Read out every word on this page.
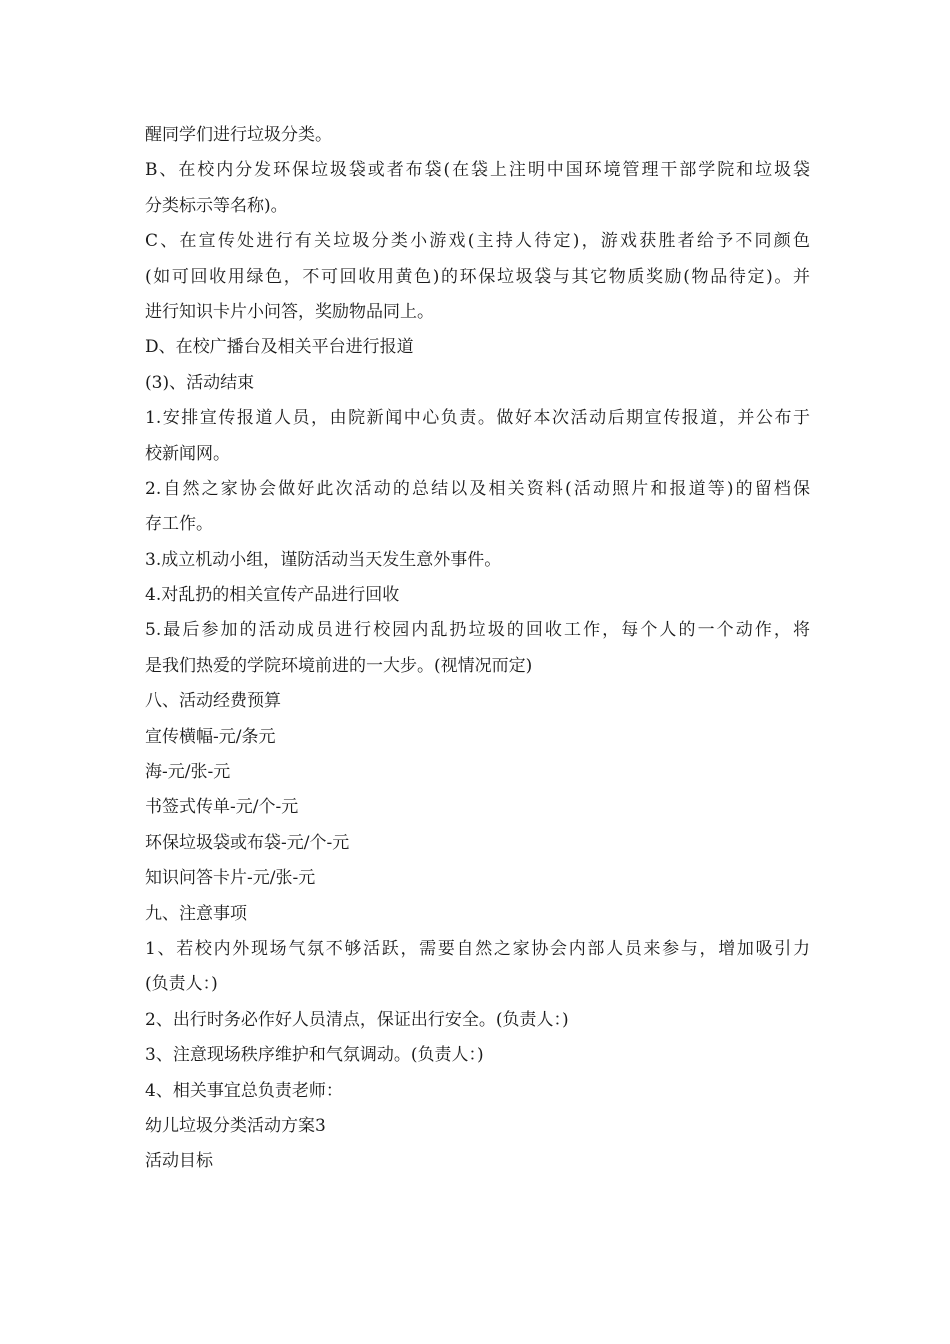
醒同学们进行垃圾分类。
B、在校内分发环保垃圾袋或者布袋(在袋上注明中国环境管理干部学院和垃圾袋
分类标示等名称)。
C、在宣传处进行有关垃圾分类小游戏(主持人待定)，游戏获胜者给予不同颜色
(如可回收用绿色，不可回收用黄色)的环保垃圾袋与其它物质奖励(物品待定)。并
进行知识卡片小问答，奖励物品同上。
D、在校广播台及相关平台进行报道
(3)、活动结束
1.安排宣传报道人员，由院新闻中心负责。做好本次活动后期宣传报道，并公布于
校新闻网。
2.自然之家协会做好此次活动的总结以及相关资料(活动照片和报道等)的留档保
存工作。
3.成立机动小组，谨防活动当天发生意外事件。
4.对乱扔的相关宣传产品进行回收
5.最后参加的活动成员进行校园内乱扔垃圾的回收工作，每个人的一个动作，将
是我们热爱的学院环境前进的一大步。(视情况而定)
八、活动经费预算
宣传横幅-元/条元
海-元/张-元
书签式传单-元/个-元
环保垃圾袋或布袋-元/个-元
知识问答卡片-元/张-元
九、注意事项
1、若校内外现场气氛不够活跃，需要自然之家协会内部人员来参与，增加吸引力
(负责人：)
2、出行时务必作好人员清点，保证出行安全。(负责人：)
3、注意现场秩序维护和气氛调动。(负责人：)
4、相关事宜总负责老师：
幼儿垃圾分类活动方案3
活动目标
